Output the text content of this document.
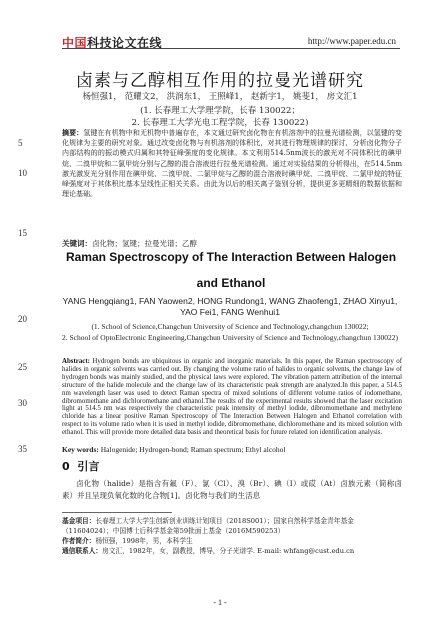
中国科技论文在线	http://www.paper.edu.cn
卤素与乙醇相互作用的拉曼光谱研究
杨恒强1， 范耀文2， 洪润东1， 王照峰1， 赵新宇1， 姚斐1， 房文汇1
(1. 长春理工大学理学院，长春 130022；
2. 长春理工大学光电工程学院，长春 130022)
5
10
15
20
25
30
35
摘要：氢键在有机物中和无机物中普遍存在，本文通过研究卤化物在有机溶剂中的拉曼光谱检测，以氢键的变化规律为主要的研究对象。通过改变卤化物与有机溶剂的体积比，对其进行物理规律的探讨，分析卤化物分子内部结构的的振动模式归属和其特征峰强度的变化规律。本文利用514.5nm波长的激光对不同体积比的碘甲烷、二溴甲烷和二氯甲烷分别与乙醇的混合溶液进行拉曼光谱检测。通过对实验结果的分析得出，在514.5nm激光激发光分别作用在碘甲烷、二溴甲烷、二氯甲烷与乙醇的混合溶液时碘甲烷、二溴甲烷、二氯甲烷的特征峰强度对于其体积比基本呈线性正相关关系。由此为以后的相关离子鉴别分析，提供更多更精细的数据依据和理论基础。
关键词：卤化物；氢键；拉曼光谱；乙醇
Raman Spectroscopy of The Interaction Between Halogen and Ethanol
YANG Hengqiang1, FAN Yaowen2, HONG Rundong1, WANG Zhaofeng1, ZHAO Xinyu1, YAO Fei1, FANG Wenhui1
(1. School of Science,Changchun University of Science and Technology,changchun 130022;
2. School of OptoElectronic Engineering,Changchun University of Science and Technology,changchun 130022)
Abstract: Hydrogen bonds are ubiquitous in organic and inorganic materials. In this paper, the Raman spectroscopy of halides in organic solvents was carried out. By changing the volume ratio of halides to organic solvents, the change law of hydrogen bonds was mainly studied, and the physical laws were explored. The vibration pattern attribution of the internal structure of the halide molecule and the change law of its characteristic peak strength are analyzed.In this paper, a 514.5 nm wavelength laser was used to detect Raman spectra of mixed solutions of different volume ratios of iodomethane, dibromomethane and dichloromethane and ethanol.The results of the experimental results showed that the laser excitation light at 514.5 nm was respectively the characteristic peak intensity of methyl iodide, dibromomethane and methylene chloride has a linear positive Raman Spectroscopy of The Interaction Between Halogen and Ethanol correlation with respect to its volume ratio when it is used in methyl iodide, dibromomethane, dichloromethane and its mixed solution with ethanol. This will provide more detailed data basis and theoretical basis for future related ion identification analysis.
Key words: Halogenide; Hydrogen-bond; Raman spectrum; Ethyl alcohol
0 引言
卤化物（halide）是指含有氟（F）、氯（Cl）、溴（Br）、碘（I）或砹（At）卤族元素（简称卤素）并且呈现负氧化数的化合物[1]。卤化物与我们的生活息
基金项目：长春理工大学大学生创新创业训练计划项目（2018S001）；国家自然科学基金青年基金（11604024）；中国博士后科学基金第59批面上基金（2016M590253）
作者简介：杨恒强，1998年，男，本科学生
通信联系人：房文汇，1982年，女，副教授，博导，分子光谱学. E-mail: whfang@cust.edu.cn
- 1 -
